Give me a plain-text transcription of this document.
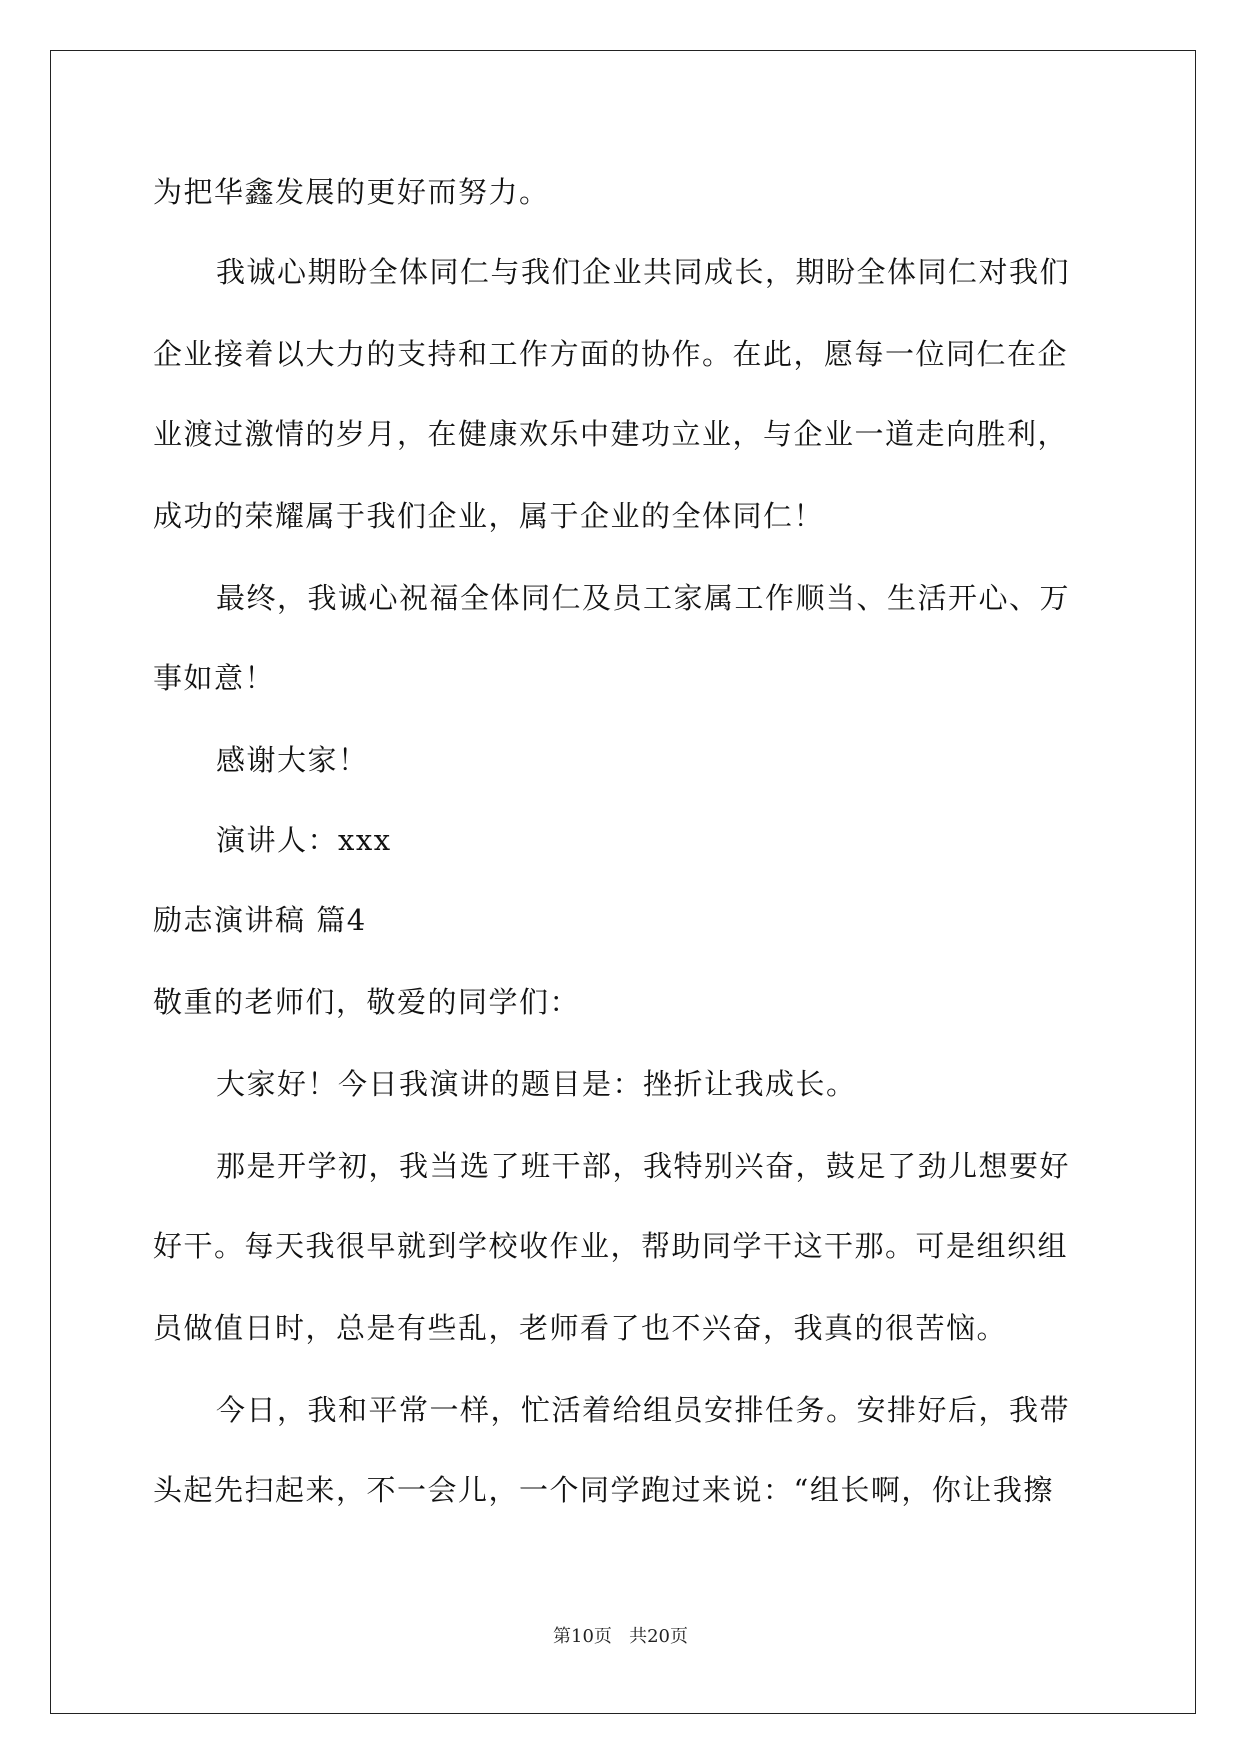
为把华鑫发展的更好而努力。
我诚心期盼全体同仁与我们企业共同成长，期盼全体同仁对我们
企业接着以大力的支持和工作方面的协作。在此，愿每一位同仁在企
业渡过激情的岁月，在健康欢乐中建功立业，与企业一道走向胜利，
成功的荣耀属于我们企业，属于企业的全体同仁！
最终，我诚心祝福全体同仁及员工家属工作顺当、生活开心、万
事如意！
感谢大家！
演讲人：xxx
励志演讲稿 篇4
敬重的老师们，敬爱的同学们：
大家好！今日我演讲的题目是：挫折让我成长。
那是开学初，我当选了班干部，我特别兴奋，鼓足了劲儿想要好
好干。每天我很早就到学校收作业，帮助同学干这干那。可是组织组
员做值日时，总是有些乱，老师看了也不兴奋，我真的很苦恼。
今日，我和平常一样，忙活着给组员安排任务。安排好后，我带
头起先扫起来，不一会儿，一个同学跑过来说：“组长啊，你让我擦
第10页   共20页
